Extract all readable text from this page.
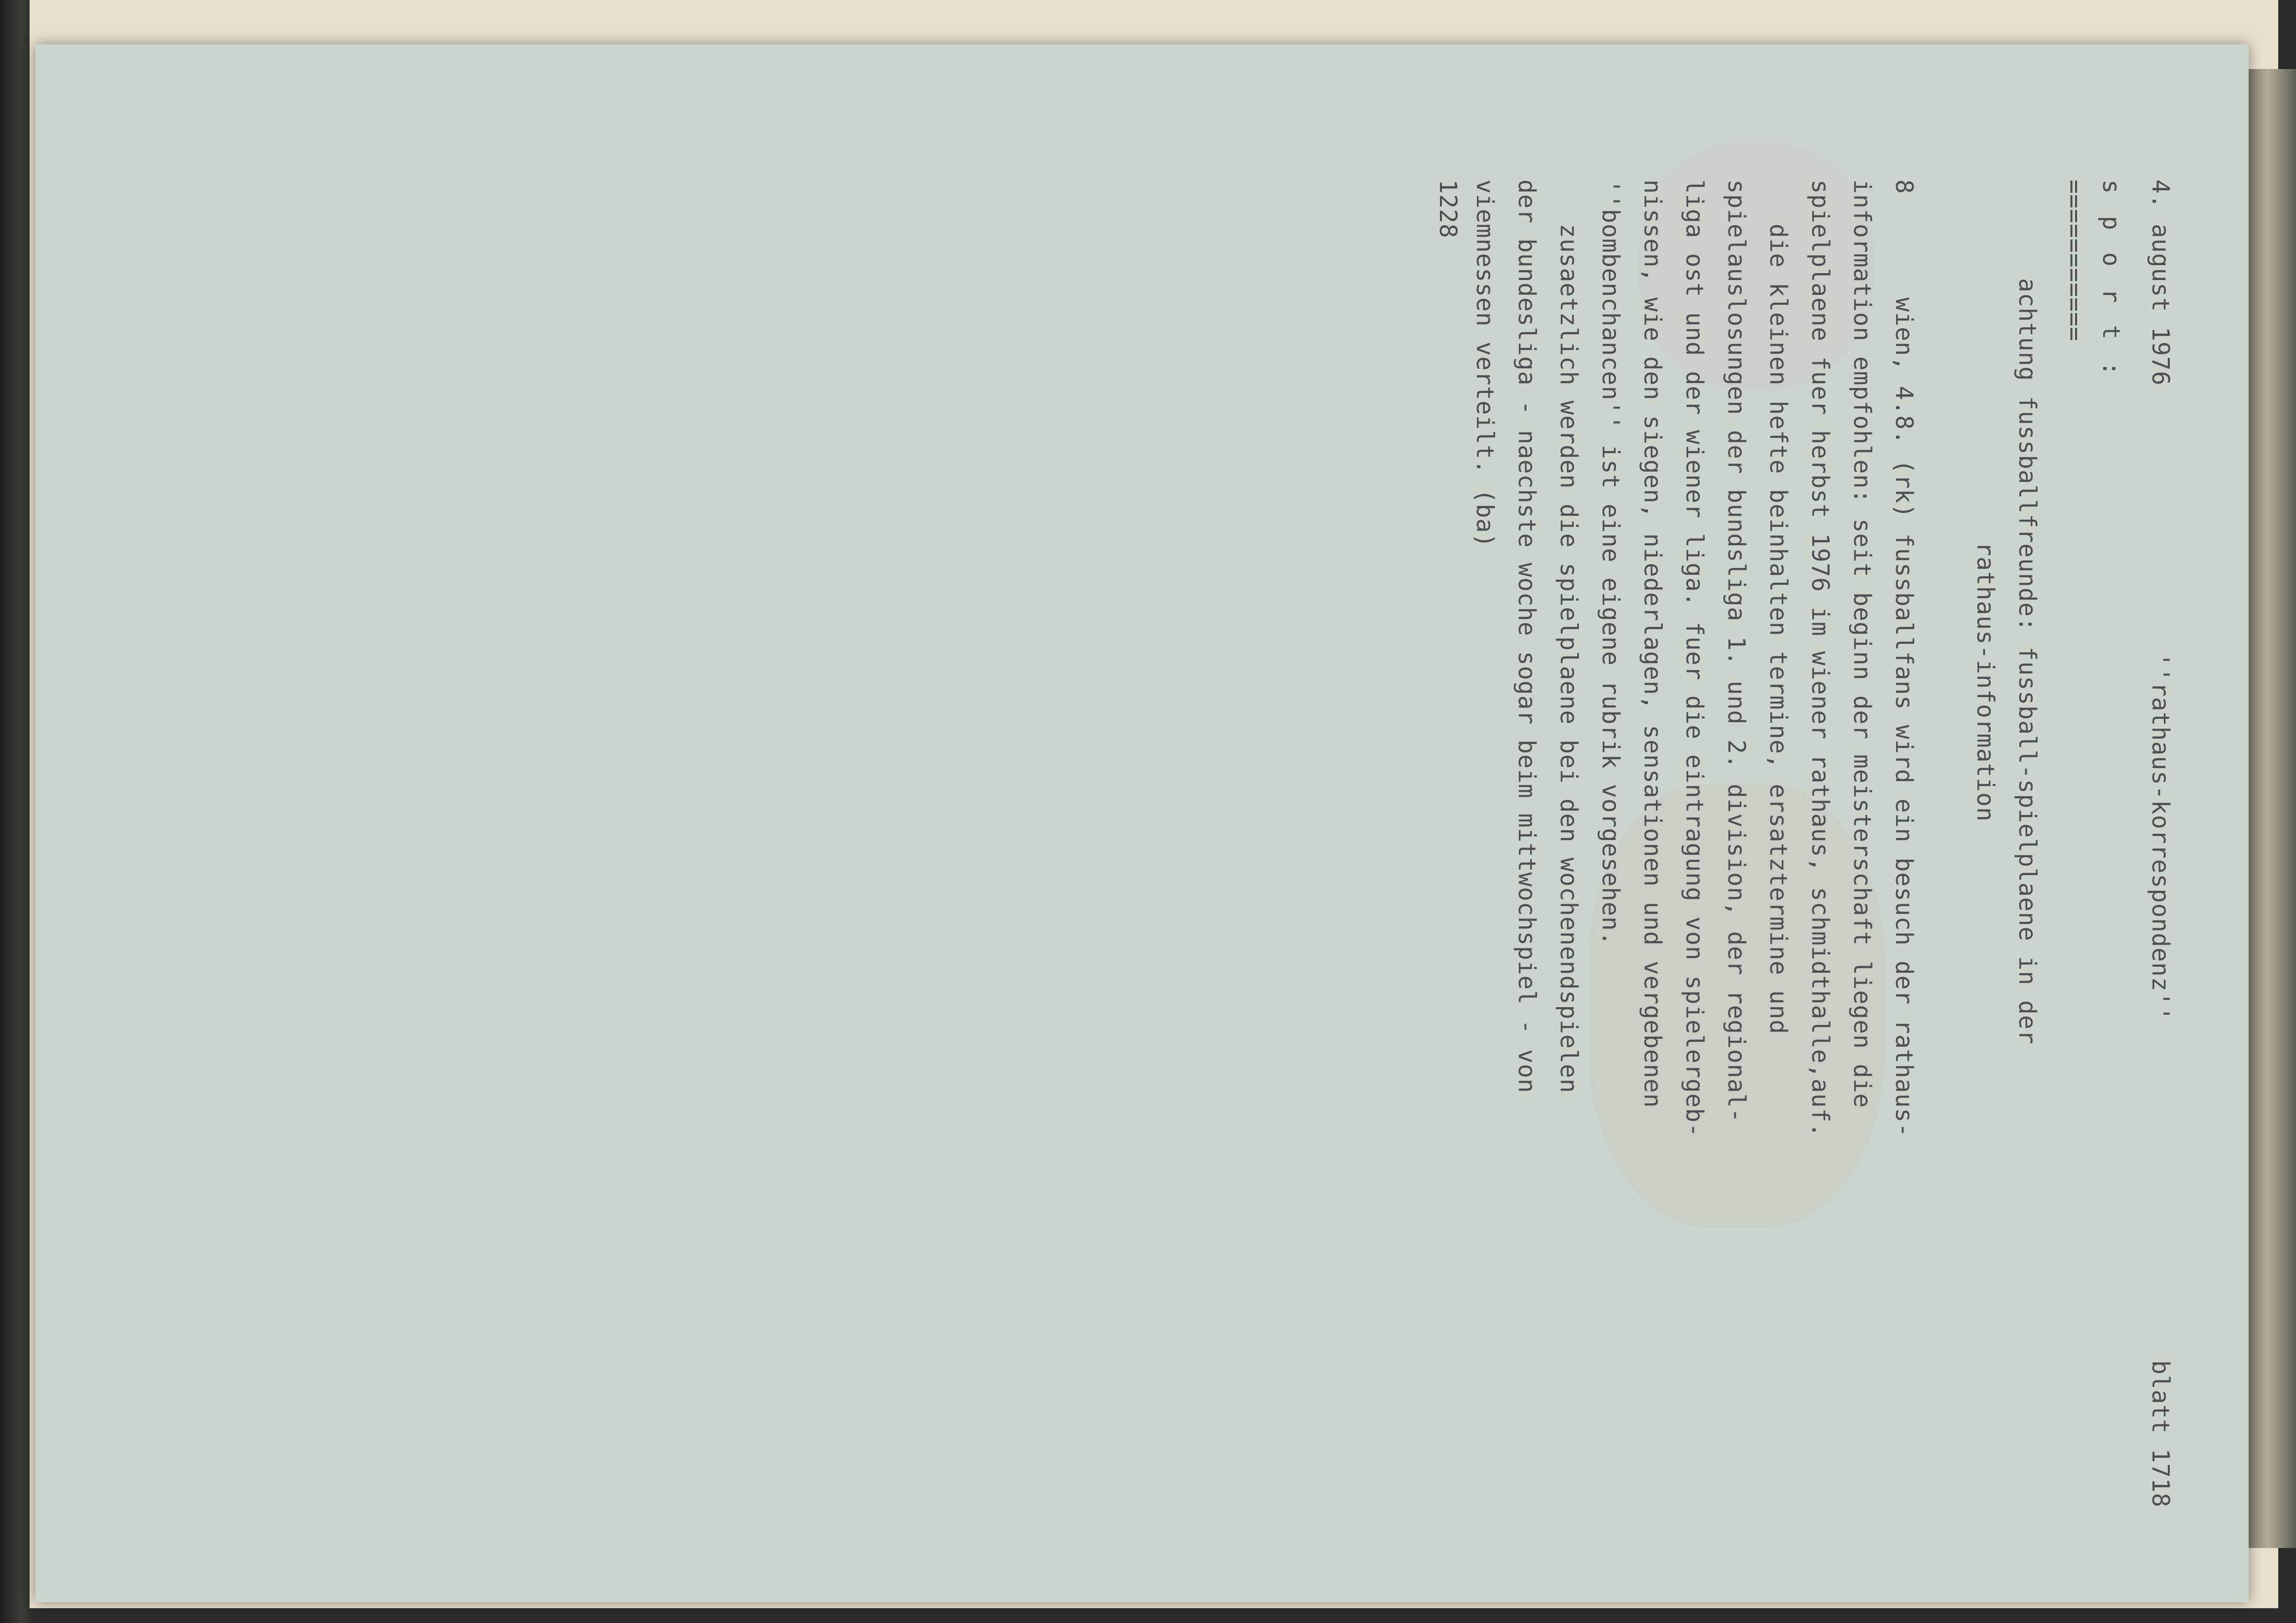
4. august 1976
''rathaus-korrespondenz''
blatt 1718
s p o r t :
===========
achtung fussballfreunde: fussball-spielplaene in der
rathaus-information
8       wien, 4.8. (rk) fussballfans wird ein besuch der rathaus-
information empfohlen: seit beginn der meisterschaft liegen die
spielplaene fuer herbst 1976 im wiener rathaus, schmidthalle,auf.
die kleinen hefte beinhalten termine, ersatztermine und
spielauslosungen der bundsliga 1. und 2. division, der regional-
liga ost und der wiener liga. fuer die eintragung von spielergeb-
nissen, wie den siegen, niederlagen, sensationen und vergebenen
''bombenchancen'' ist eine eigene rubrik vorgesehen.
zusaetzlich werden die spielplaene bei den wochenendspielen
der bundesliga - naechste woche sogar beim mittwochspiel - von
viemnessen verteilt. (ba)
1228
